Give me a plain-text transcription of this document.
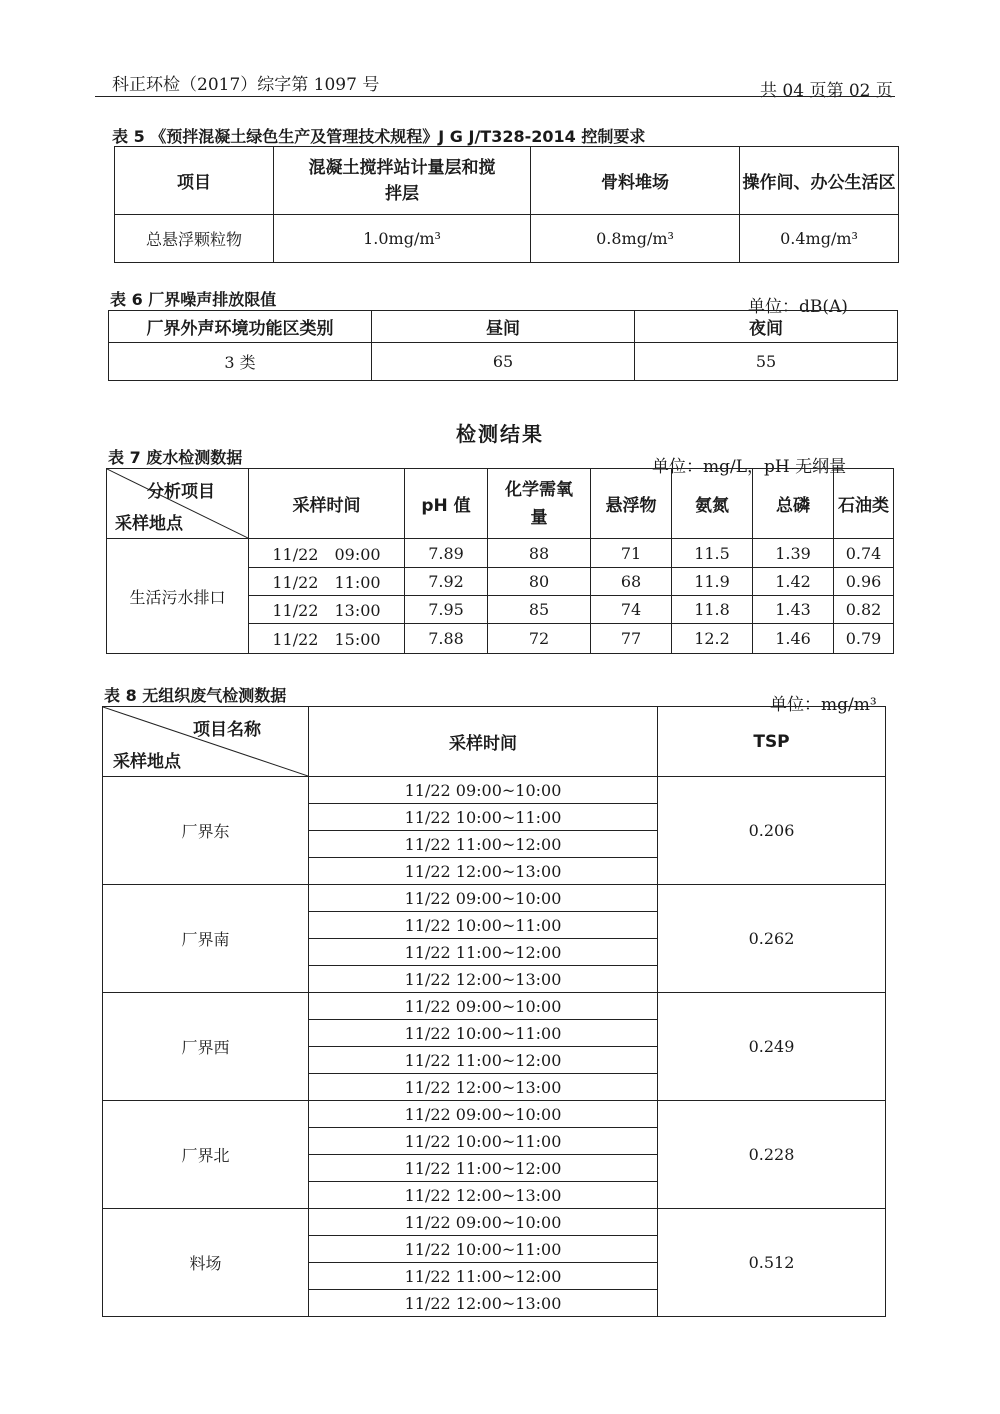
科正环检（2017）综字第 1097 号	共 04 页第 02 页
表 5 《预拌混凝土绿色生产及管理技术规程》J G J/T328-2014 控制要求
项目	混凝土搅拌站计量层和搅拌层	骨料堆场	操作间、办公生活区
总悬浮颗粒物	1.0mg/m³	0.8mg/m³	0.4mg/m³
表 6 厂界噪声排放限值	单位：dB(A)
厂界外声环境功能区类别	昼间	夜间
3 类	65	55
检测结果
表 7 废水检测数据	单位：mg/L，pH 无纲量
分析项目
采样地点	采样时间	pH 值	化学需氧量	悬浮物	氨氮	总磷	石油类
生活污水排口	11/22　09:00	7.89	88	71	11.5	1.39	0.74
	11/22　11:00	7.92	80	68	11.9	1.42	0.96
	11/22　13:00	7.95	85	74	11.8	1.43	0.82
	11/22　15:00	7.88	72	77	12.2	1.46	0.79
表 8 无组织废气检测数据	单位：mg/m³
项目名称
采样地点	采样时间	TSP
厂界东	11/22 09:00~10:00	0.206
	11/22 10:00~11:00	
	11/22 11:00~12:00	
	11/22 12:00~13:00	
厂界南	11/22 09:00~10:00	0.262
	11/22 10:00~11:00	
	11/22 11:00~12:00	
	11/22 12:00~13:00	
厂界西	11/22 09:00~10:00	0.249
	11/22 10:00~11:00	
	11/22 11:00~12:00	
	11/22 12:00~13:00	
厂界北	11/22 09:00~10:00	0.228
	11/22 10:00~11:00	
	11/22 11:00~12:00	
	11/22 12:00~13:00	
料场	11/22 09:00~10:00	0.512
	11/22 10:00~11:00	
	11/22 11:00~12:00	
	11/22 12:00~13:00	
